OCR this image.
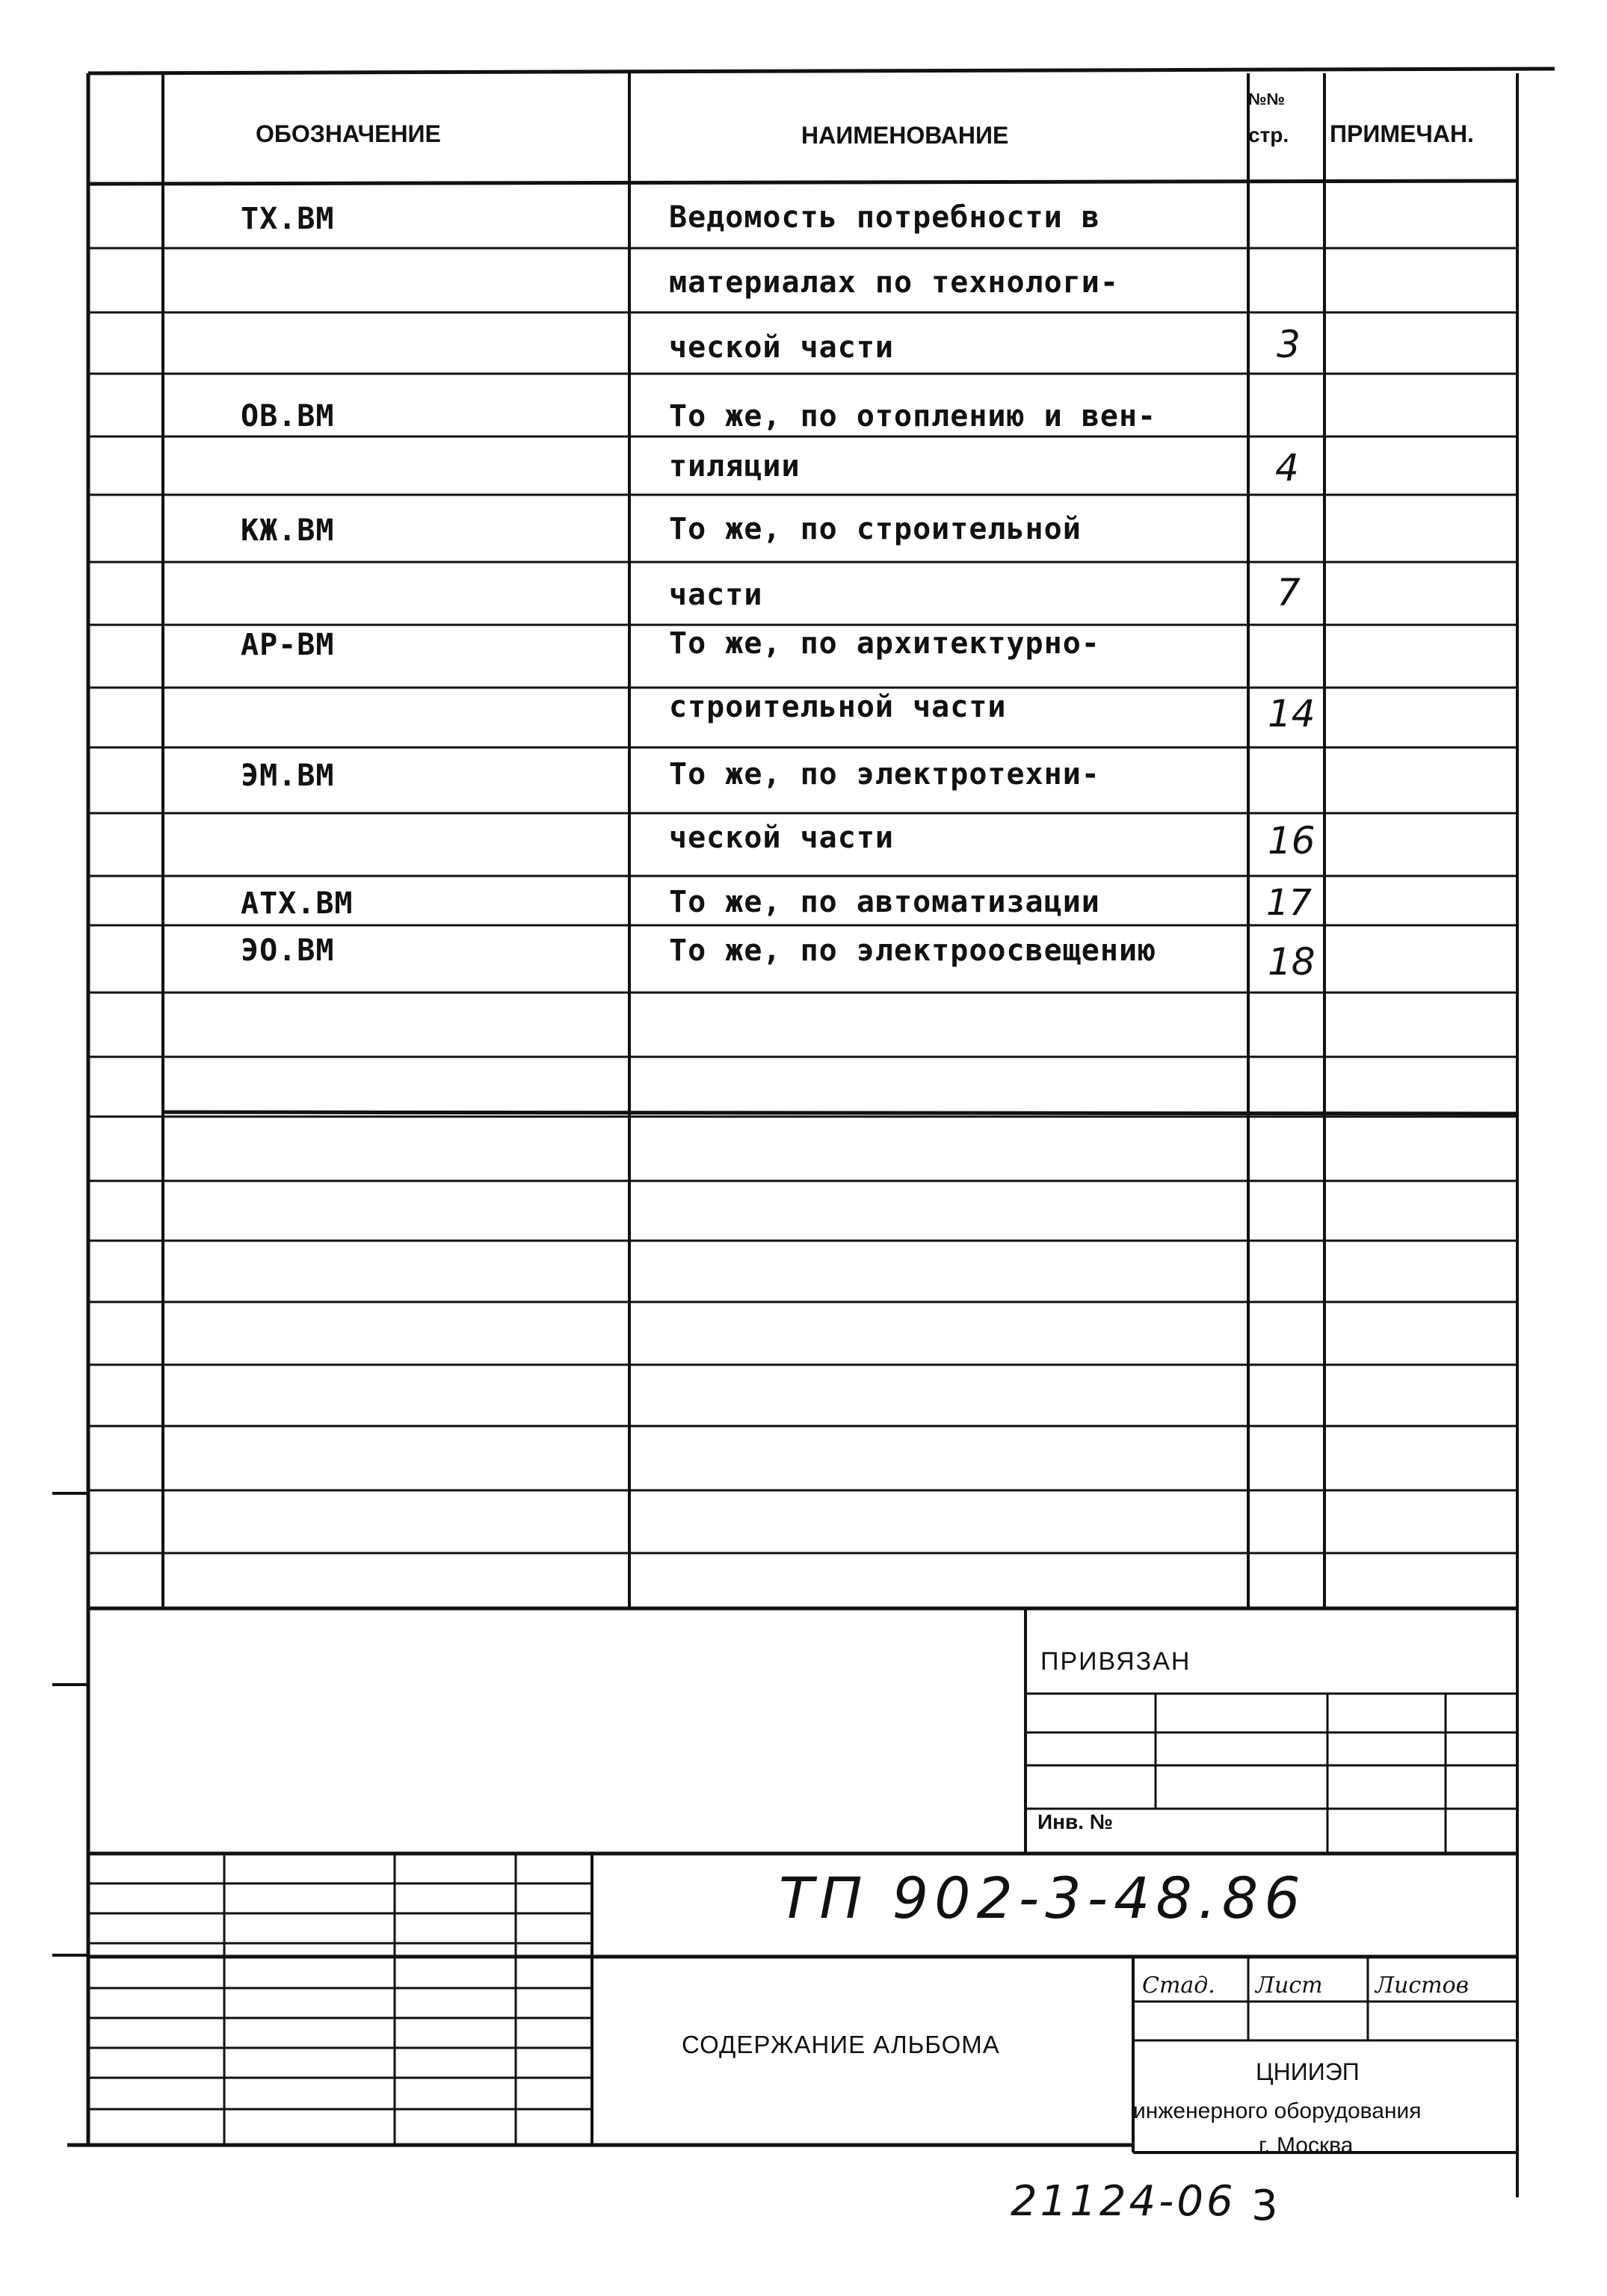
ОБОЗНАЧЕНИЕ	НАИМЕНОВАНИЕ
№№
стр. ПРИМЕЧАН.
ТХ.ВМ	Ведомость потребности в
материалах по технологи-
ческой части	3
ОВ.ВМ	То же, по отоплению и вен-
тиляции	4
КЖ.ВМ	То же, по строительной
части	7
АР-ВМ	То же, по архитектурно-
строительной части	14
ЭМ.ВМ	То же, по электротехни-
ческой части	16
АТХ.ВМ	То же, по автоматизации	17
ЭО.ВМ	То же, по электроосвещению	18
ПРИВЯЗАН
Инв. №
ТП 902-3-48.86
СОДЕРЖАНИЕ АЛЬБОМА
Стад. Лист Листов
ЦНИИЭП
инженерного оборудования
г. Москва
21124-06 3
